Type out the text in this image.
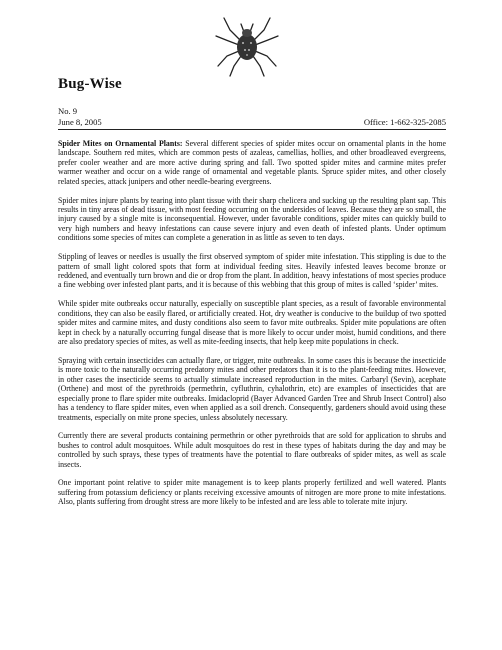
Bug-Wise
No. 9
June 8, 2005	Office: 1-662-325-2085

Spider Mites on Ornamental Plants: Several different species of spider mites occur on ornamental plants in the home landscape. Southern red mites, which are common pests of azaleas, camellias, hollies, and other broadleaved evergreens, prefer cooler weather and are more active during spring and fall. Two spotted spider mites and carmine mites prefer warmer weather and occur on a wide range of ornamental and vegetable plants. Spruce spider mites, and other closely related species, attack junipers and other needle-bearing evergreens.

Spider mites injure plants by tearing into plant tissue with their sharp chelicera and sucking up the resulting plant sap. This results in tiny areas of dead tissue, with most feeding occurring on the undersides of leaves. Because they are so small, the injury caused by a single mite is inconsequential. However, under favorable conditions, spider mites can quickly build to very high numbers and heavy infestations can cause severe injury and even death of infested plants. Under optimum conditions some species of mites can complete a generation in as little as seven to ten days.

Stippling of leaves or needles is usually the first observed symptom of spider mite infestation. This stippling is due to the pattern of small light colored spots that form at individual feeding sites. Heavily infested leaves become bronze or reddened, and eventually turn brown and die or drop from the plant. In addition, heavy infestations of most species produce a fine webbing over infested plant parts, and it is because of this webbing that this group of mites is called ‘spider’ mites.

While spider mite outbreaks occur naturally, especially on susceptible plant species, as a result of favorable environmental conditions, they can also be easily flared, or artificially created. Hot, dry weather is conducive to the buildup of two spotted spider mites and carmine mites, and dusty conditions also seem to favor mite outbreaks. Spider mite populations are often kept in check by a naturally occurring fungal disease that is more likely to occur under moist, humid conditions, and there are also predatory species of mites, as well as mite-feeding insects, that help keep mite populations in check.

Spraying with certain insecticides can actually flare, or trigger, mite outbreaks. In some cases this is because the insecticide is more toxic to the naturally occurring predatory mites and other predators than it is to the plant-feeding mites. However, in other cases the insecticide seems to actually stimulate increased reproduction in the mites. Carbaryl (Sevin), acephate (Orthene) and most of the pyrethroids (permethrin, cyfluthrin, cyhalothrin, etc) are examples of insecticides that are especially prone to flare spider mite outbreaks. Imidacloprid (Bayer Advanced Garden Tree and Shrub Insect Control) also has a tendency to flare spider mites, even when applied as a soil drench. Consequently, gardeners should avoid using these treatments, especially on mite prone species, unless absolutely necessary.

Currently there are several products containing permethrin or other pyrethroids that are sold for application to shrubs and bushes to control adult mosquitoes. While adult mosquitoes do rest in these types of habitats during the day and may be controlled by such sprays, these types of treatments have the potential to flare outbreaks of spider mites, as well as scale insects.

One important point relative to spider mite management is to keep plants properly fertilized and well watered. Plants suffering from potassium deficiency or plants receiving excessive amounts of nitrogen are more prone to mite infestations. Also, plants suffering from drought stress are more likely to be infested and are less able to tolerate mite injury.
